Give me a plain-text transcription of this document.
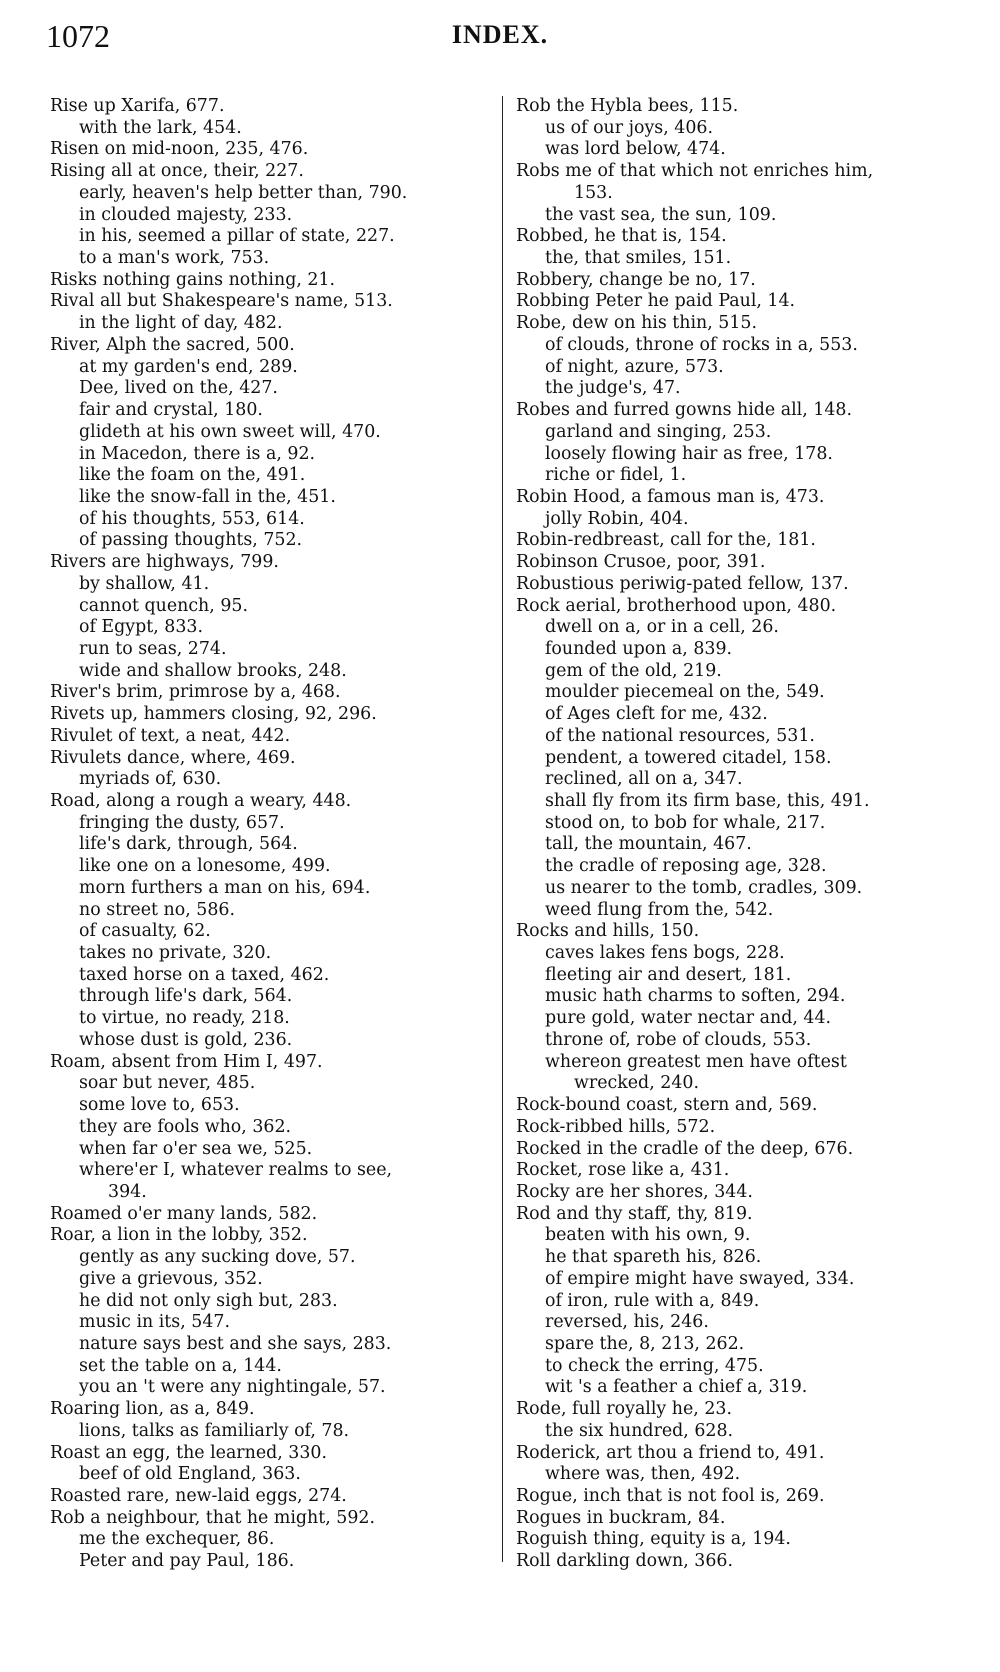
1072	INDEX.
Rise up Xarifa, 677.
with the lark, 454.
Risen on mid-noon, 235, 476.
Rising all at once, their, 227.
early, heaven's help better than, 790.
in clouded majesty, 233.
in his, seemed a pillar of state, 227.
to a man's work, 753.
Risks nothing gains nothing, 21.
Rival all but Shakespeare's name, 513.
in the light of day, 482.
River, Alph the sacred, 500.
at my garden's end, 289.
Dee, lived on the, 427.
fair and crystal, 180.
glideth at his own sweet will, 470.
in Macedon, there is a, 92.
like the foam on the, 491.
like the snow-fall in the, 451.
of his thoughts, 553, 614.
of passing thoughts, 752.
Rivers are highways, 799.
by shallow, 41.
cannot quench, 95.
of Egypt, 833.
run to seas, 274.
wide and shallow brooks, 248.
River's brim, primrose by a, 468.
Rivets up, hammers closing, 92, 296.
Rivulet of text, a neat, 442.
Rivulets dance, where, 469.
myriads of, 630.
Road, along a rough a weary, 448.
fringing the dusty, 657.
life's dark, through, 564.
like one on a lonesome, 499.
morn furthers a man on his, 694.
no street no, 586.
of casualty, 62.
takes no private, 320.
taxed horse on a taxed, 462.
through life's dark, 564.
to virtue, no ready, 218.
whose dust is gold, 236.
Roam, absent from Him I, 497.
soar but never, 485.
some love to, 653.
they are fools who, 362.
when far o'er sea we, 525.
where'er I, whatever realms to see,
394.
Roamed o'er many lands, 582.
Roar, a lion in the lobby, 352.
gently as any sucking dove, 57.
give a grievous, 352.
he did not only sigh but, 283.
music in its, 547.
nature says best and she says, 283.
set the table on a, 144.
you an 't were any nightingale, 57.
Roaring lion, as a, 849.
lions, talks as familiarly of, 78.
Roast an egg, the learned, 330.
beef of old England, 363.
Roasted rare, new-laid eggs, 274.
Rob a neighbour, that he might, 592.
me the exchequer, 86.
Peter and pay Paul, 186.
Rob the Hybla bees, 115.
us of our joys, 406.
was lord below, 474.
Robs me of that which not enriches him,
153.
the vast sea, the sun, 109.
Robbed, he that is, 154.
the, that smiles, 151.
Robbery, change be no, 17.
Robbing Peter he paid Paul, 14.
Robe, dew on his thin, 515.
of clouds, throne of rocks in a, 553.
of night, azure, 573.
the judge's, 47.
Robes and furred gowns hide all, 148.
garland and singing, 253.
loosely flowing hair as free, 178.
riche or fidel, 1.
Robin Hood, a famous man is, 473.
jolly Robin, 404.
Robin-redbreast, call for the, 181.
Robinson Crusoe, poor, 391.
Robustious periwig-pated fellow, 137.
Rock aerial, brotherhood upon, 480.
dwell on a, or in a cell, 26.
founded upon a, 839.
gem of the old, 219.
moulder piecemeal on the, 549.
of Ages cleft for me, 432.
of the national resources, 531.
pendent, a towered citadel, 158.
reclined, all on a, 347.
shall fly from its firm base, this, 491.
stood on, to bob for whale, 217.
tall, the mountain, 467.
the cradle of reposing age, 328.
us nearer to the tomb, cradles, 309.
weed flung from the, 542.
Rocks and hills, 150.
caves lakes fens bogs, 228.
fleeting air and desert, 181.
music hath charms to soften, 294.
pure gold, water nectar and, 44.
throne of, robe of clouds, 553.
whereon greatest men have oftest
wrecked, 240.
Rock-bound coast, stern and, 569.
Rock-ribbed hills, 572.
Rocked in the cradle of the deep, 676.
Rocket, rose like a, 431.
Rocky are her shores, 344.
Rod and thy staff, thy, 819.
beaten with his own, 9.
he that spareth his, 826.
of empire might have swayed, 334.
of iron, rule with a, 849.
reversed, his, 246.
spare the, 8, 213, 262.
to check the erring, 475.
wit 's a feather a chief a, 319.
Rode, full royally he, 23.
the six hundred, 628.
Roderick, art thou a friend to, 491.
where was, then, 492.
Rogue, inch that is not fool is, 269.
Rogues in buckram, 84.
Roguish thing, equity is a, 194.
Roll darkling down, 366.
